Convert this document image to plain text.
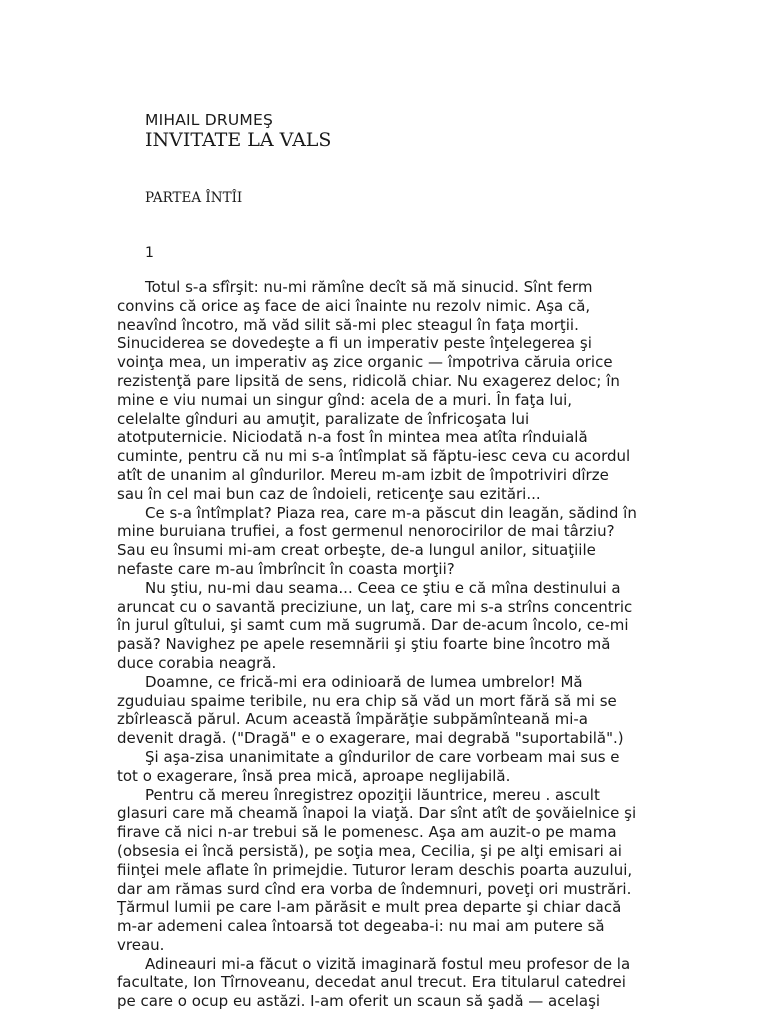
MIHAIL DRUMEŞ
INVITATE LA VALS
PARTEA ÎNTÎI
1
Totul s-a sfîrşit: nu-mi rămîne decît să mă sinucid. Sînt ferm
convins că orice aş face de aici înainte nu rezolv nimic. Aşa că,
neavînd încotro, mă văd silit să-mi plec steagul în faţa morţii.
Sinuciderea se dovedeşte a fi un imperativ peste înţelegerea şi
voinţa mea, un imperativ aş zice organic — împotriva căruia orice
rezistenţă pare lipsită de sens, ridicolă chiar. Nu exagerez deloc; în
mine e viu numai un singur gînd: acela de a muri. În faţa lui,
celelalte gînduri au amuţit, paralizate de înfricoşata lui
atotputernicie. Niciodată n-a fost în mintea mea atîta rînduială
cuminte, pentru că nu mi s-a întîmplat să făptu-iesc ceva cu acordul
atît de unanim al gîndurilor. Mereu m-am izbit de împotriviri dîrze
sau în cel mai bun caz de îndoieli, reticenţe sau ezitări...
Ce s-a întîmplat? Piaza rea, care m-a păscut din leagăn, sădind în
mine buruiana trufiei, a fost germenul nenorocirilor de mai târziu?
Sau eu însumi mi-am creat orbeşte, de-a lungul anilor, situaţiile
nefaste care m-au îmbrîncit în coasta morţii?
Nu ştiu, nu-mi dau seama... Ceea ce ştiu e că mîna destinului a
aruncat cu o savantă preciziune, un laţ, care mi s-a strîns concentric
în jurul gîtului, şi samt cum mă sugrumă. Dar de-acum încolo, ce-mi
pasă? Navighez pe apele resemnării şi ştiu foarte bine încotro mă
duce corabia neagră.
Doamne, ce frică-mi era odinioară de lumea umbrelor! Mă
zguduiau spaime teribile, nu era chip să văd un mort fără să mi se
zbîrlească părul. Acum această împărăţie subpămînteană mi-a
devenit dragă. ("Dragă" e o exagerare, mai degrabă "suportabilă".)
Şi aşa-zisa unanimitate a gîndurilor de care vorbeam mai sus e
tot o exagerare, însă prea mică, aproape neglijabilă.
Pentru că mereu înregistrez opoziţii lăuntrice, mereu . ascult
glasuri care mă cheamă înapoi la viaţă. Dar sînt atît de şovăielnice şi
firave că nici n-ar trebui să le pomenesc. Aşa am auzit-o pe mama
(obsesia ei încă persistă), pe soţia mea, Cecilia, şi pe alţi emisari ai
fiinţei mele aflate în primejdie. Tuturor leram deschis poarta auzului,
dar am rămas surd cînd era vorba de îndemnuri, poveţi ori mustrări.
Ţărmul lumii pe care l-am părăsit e mult prea departe şi chiar dacă
m-ar ademeni calea întoarsă tot degeaba-i: nu mai am putere să
vreau.
Adineauri mi-a făcut o vizită imaginară fostul meu profesor de la
facultate, Ion Tîrnoveanu, decedat anul trecut. Era titularul catedrei
pe care o ocup eu astăzi. I-am oferit un scaun să şadă — acelaşi
